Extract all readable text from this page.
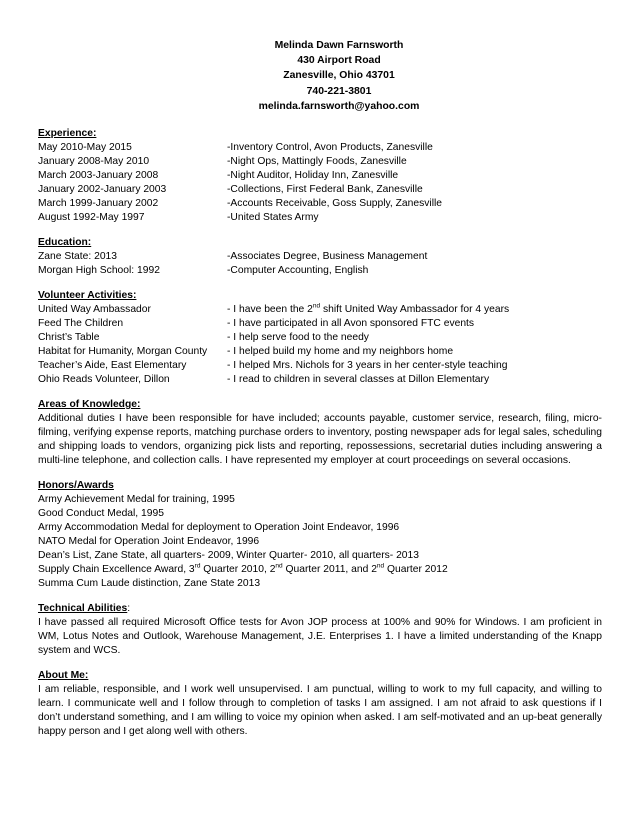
Melinda Dawn Farnsworth
430 Airport Road
Zanesville, Ohio 43701
740-221-3801
melinda.farnsworth@yahoo.com
Experience:
May 2010-May 2015	-Inventory Control, Avon Products, Zanesville
January 2008-May 2010	-Night Ops, Mattingly Foods, Zanesville
March 2003-January 2008	-Night Auditor, Holiday Inn, Zanesville
January 2002-January 2003	-Collections, First Federal Bank, Zanesville
March 1999-January 2002	-Accounts Receivable, Goss Supply, Zanesville
August 1992-May 1997	-United States Army
Education:
Zane State: 2013	-Associates Degree, Business Management
Morgan High School: 1992	-Computer Accounting, English
Volunteer Activities:
United Way Ambassador	- I have been the 2nd shift United Way Ambassador for 4 years
Feed The Children	- I have participated in all Avon sponsored FTC events
Christ’s Table	- I help serve food to the needy
Habitat for Humanity, Morgan County	- I helped build my home and my neighbors home
Teacher’s Aide, East Elementary	- I helped Mrs. Nichols for 3 years in her center-style teaching
Ohio Reads Volunteer, Dillon	- I read to children in several classes at Dillon Elementary
Areas of Knowledge:
Additional duties I have been responsible for have included; accounts payable, customer service, research, filing, micro-filming, verifying expense reports, matching purchase orders to inventory, posting newspaper ads for legal sales, scheduling and shipping loads to vendors, organizing pick lists and reporting, repossessions, secretarial duties including answering a multi-line telephone, and collection calls. I have represented my employer at court proceedings on several occasions.
Honors/Awards
Army Achievement Medal for training, 1995
Good Conduct Medal, 1995
Army Accommodation Medal for deployment to Operation Joint Endeavor, 1996
NATO Medal for Operation Joint Endeavor, 1996
Dean’s List, Zane State, all quarters- 2009, Winter Quarter- 2010, all quarters- 2013
Supply Chain Excellence Award, 3rd Quarter 2010, 2nd Quarter 2011, and 2nd Quarter 2012
Summa Cum Laude distinction, Zane State 2013
Technical Abilities:
I have passed all required Microsoft Office tests for Avon JOP process at 100% and 90% for Windows. I am proficient in WM, Lotus Notes and Outlook, Warehouse Management, J.E. Enterprises 1. I have a limited understanding of the Knapp system and WCS.
About Me:
I am reliable, responsible, and I work well unsupervised. I am punctual, willing to work to my full capacity, and willing to learn. I communicate well and I follow through to completion of tasks I am assigned. I am not afraid to ask questions if I don’t understand something, and I am willing to voice my opinion when asked. I am self-motivated and an up-beat generally happy person and I get along well with others.
